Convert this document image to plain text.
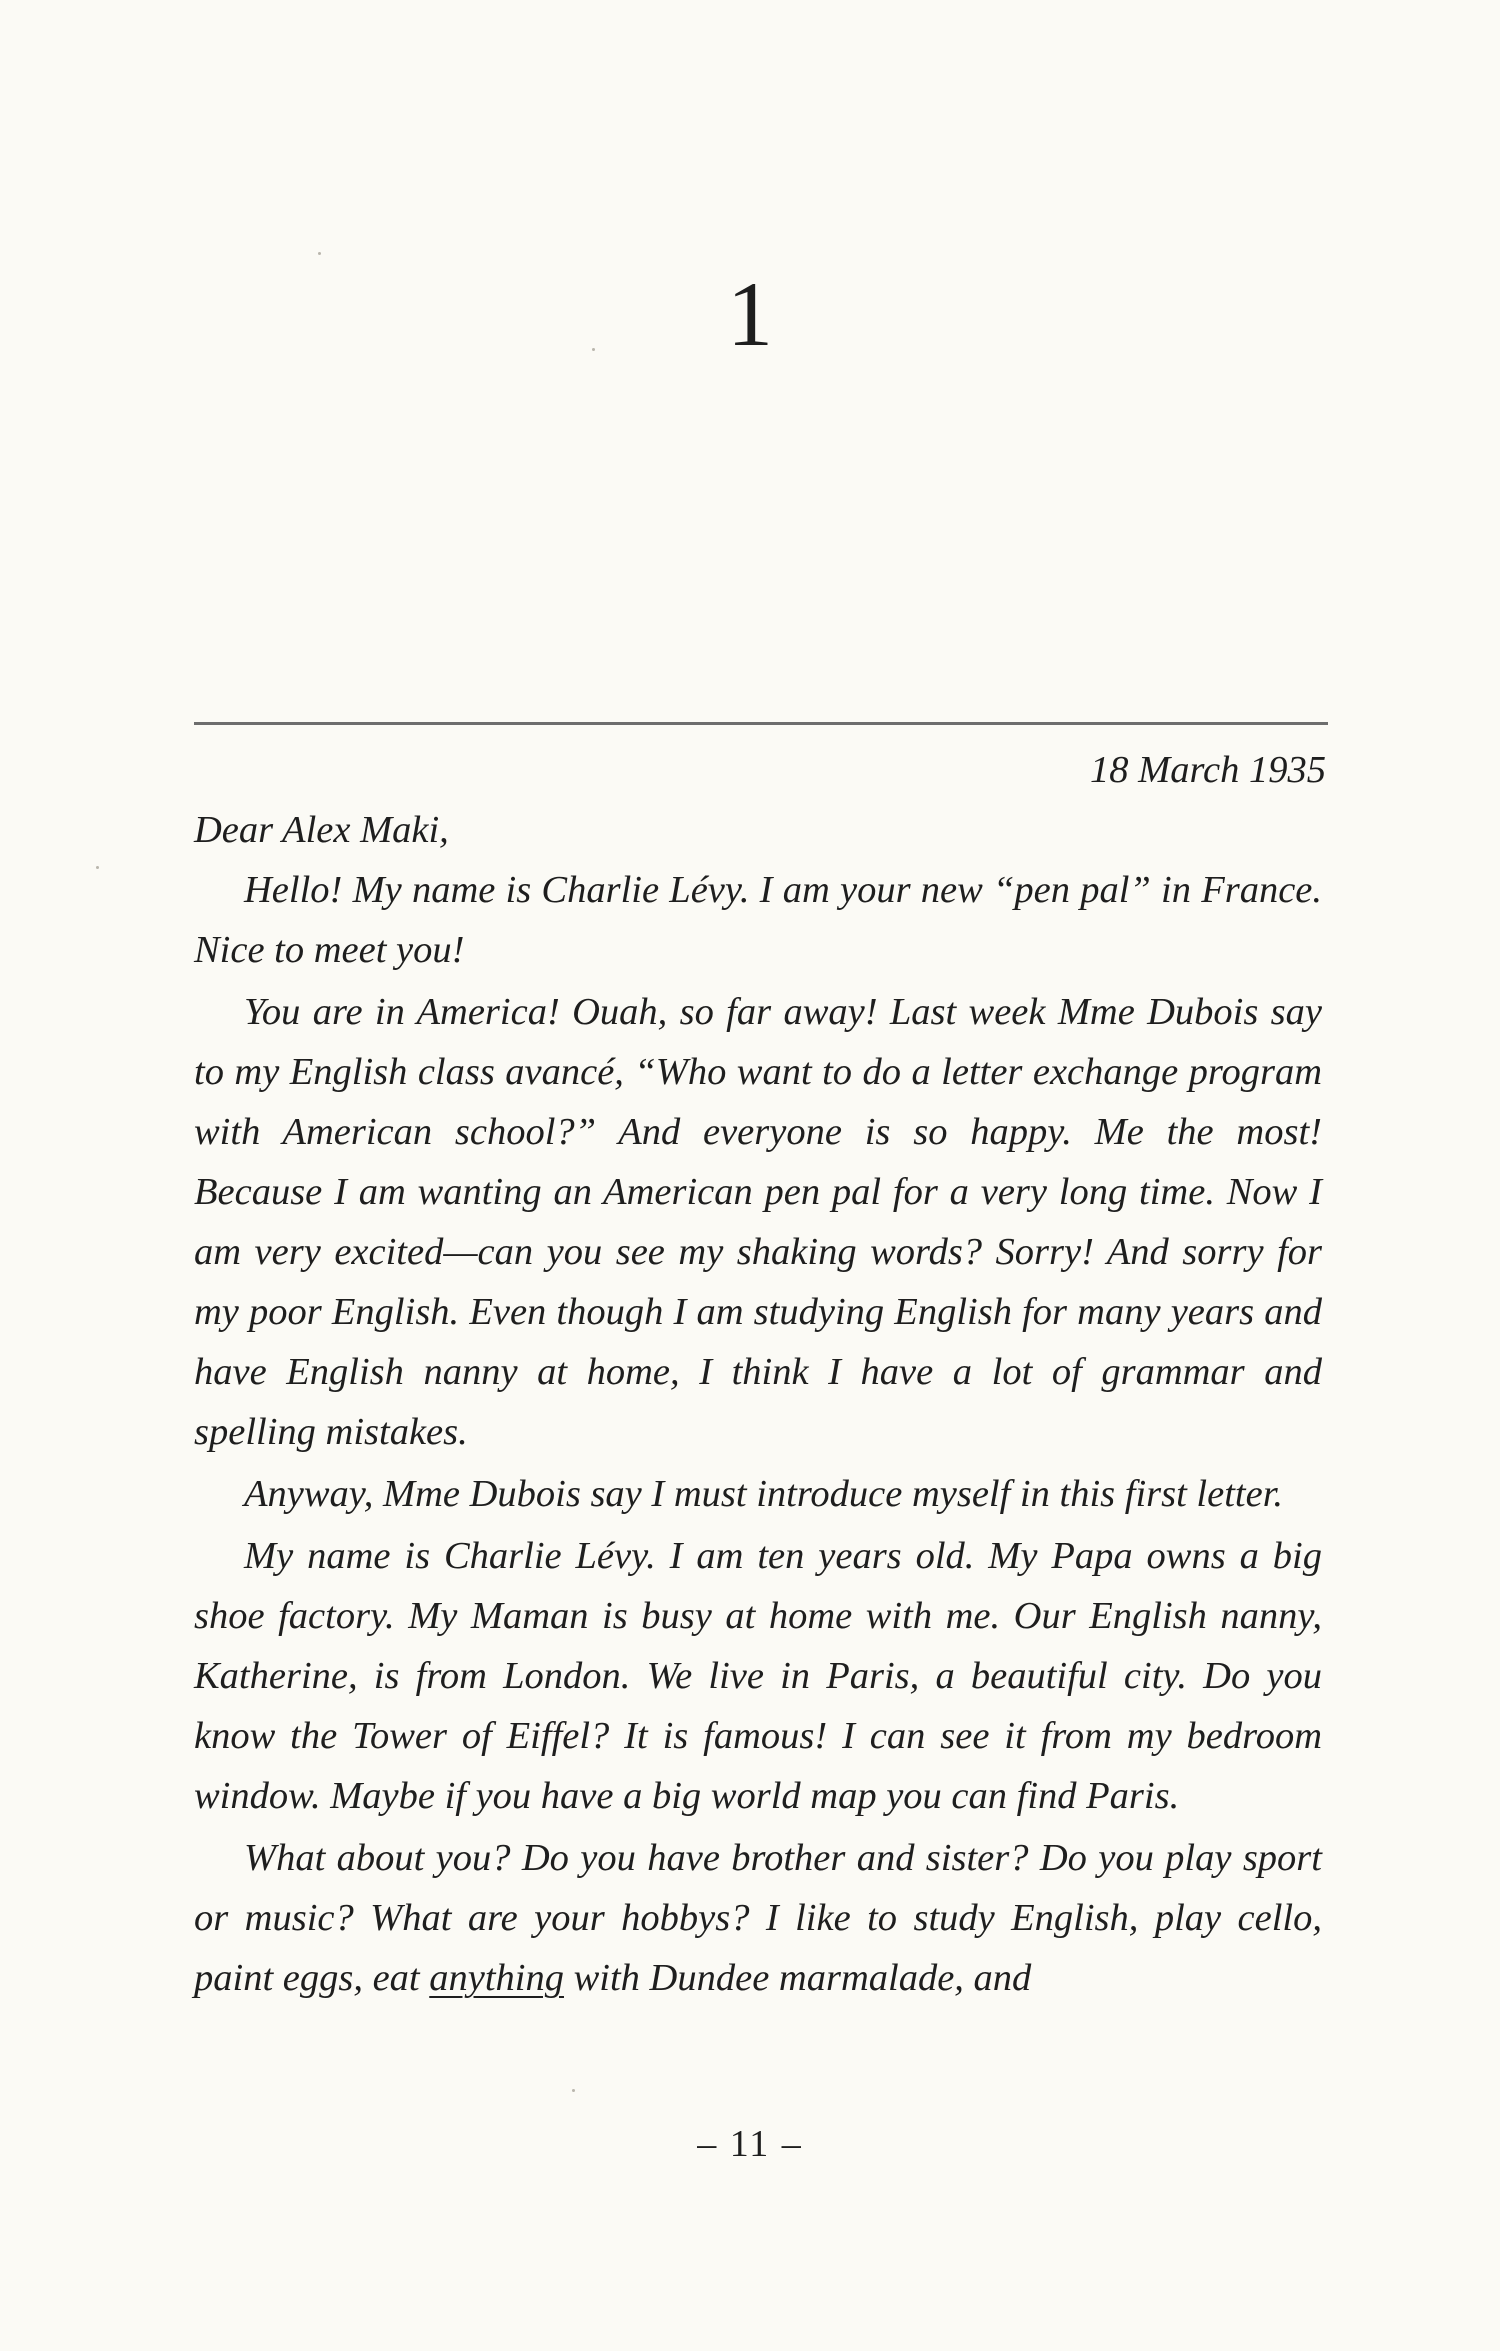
1
18 March 1935

Dear Alex Maki,

Hello! My name is Charlie Lévy. I am your new “pen pal” in France. Nice to meet you!

You are in America! Ouah, so far away! Last week Mme Dubois say to my English class avancé, “Who want to do a letter exchange program with American school?” And everyone is so happy. Me the most! Because I am wanting an American pen pal for a very long time. Now I am very excited—can you see my shaking words? Sorry! And sorry for my poor English. Even though I am studying English for many years and have English nanny at home, I think I have a lot of grammar and spelling mistakes.

Anyway, Mme Dubois say I must introduce myself in this first letter.

My name is Charlie Lévy. I am ten years old. My Papa owns a big shoe factory. My Maman is busy at home with me. Our English nanny, Katherine, is from London. We live in Paris, a beautiful city. Do you know the Tower of Eiffel? It is famous! I can see it from my bedroom window. Maybe if you have a big world map you can find Paris.

What about you? Do you have brother and sister? Do you play sport or music? What are your hobbys? I like to study English, play cello, paint eggs, eat anything with Dundee marmalade, and

– 11 –
